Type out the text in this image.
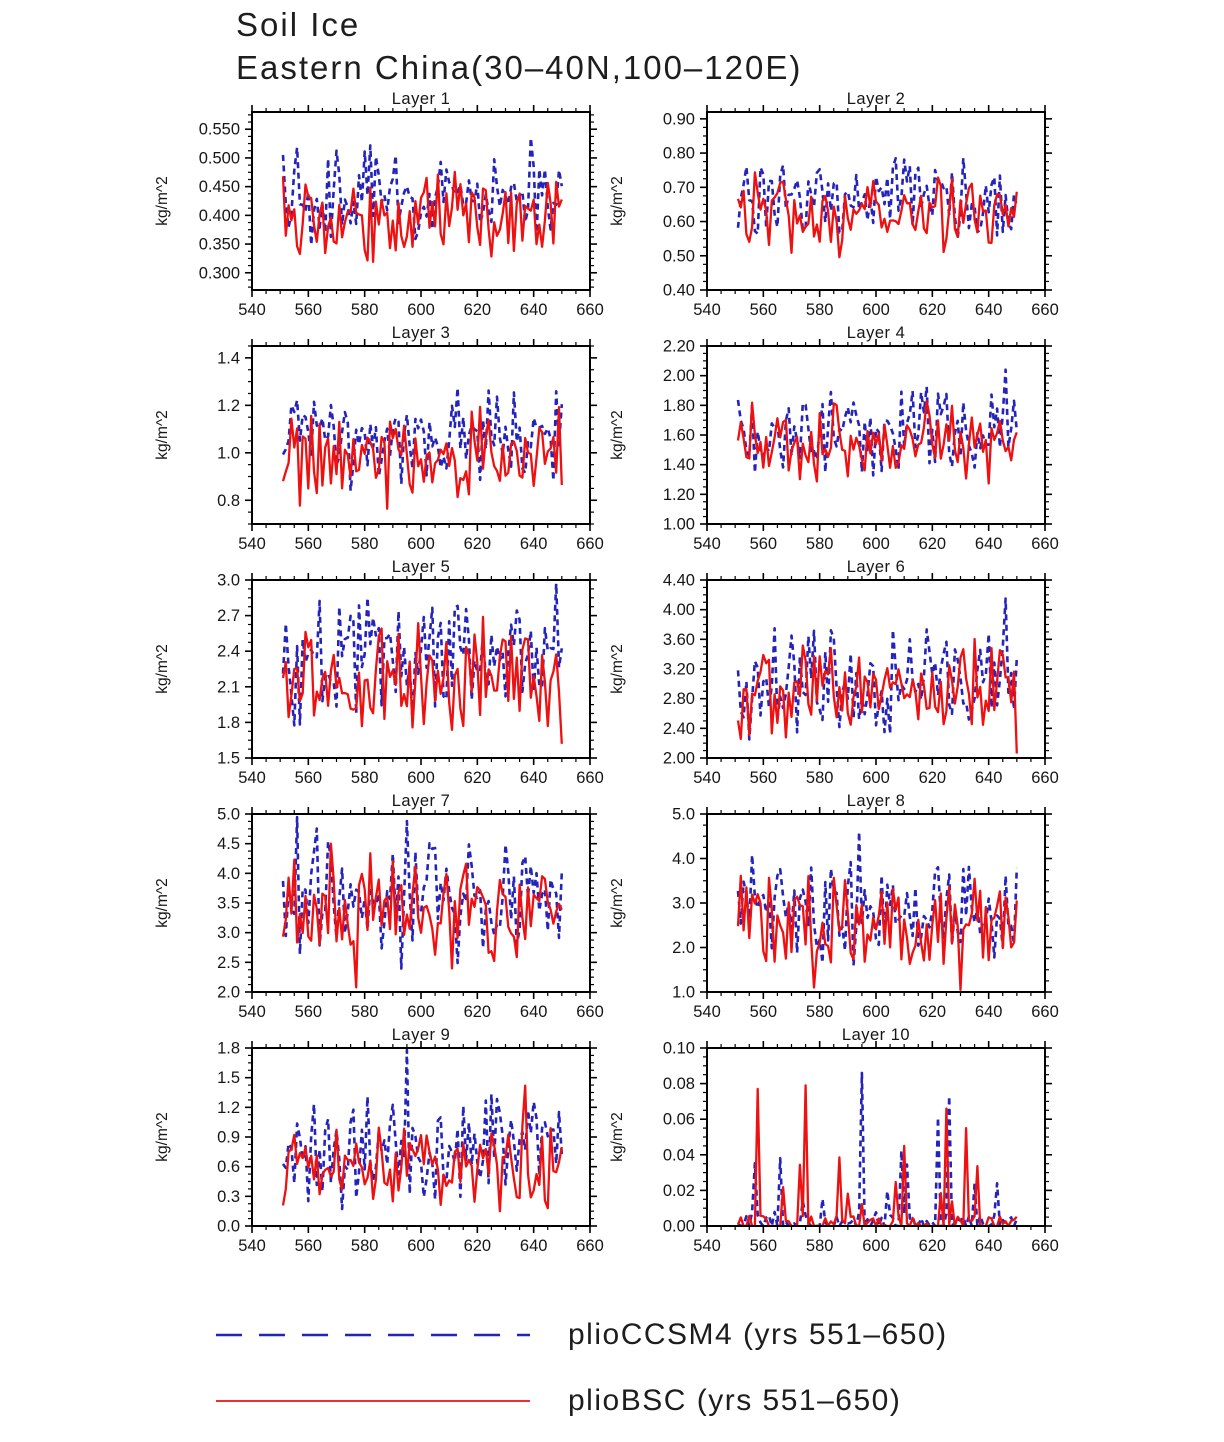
Soil Ice
Eastern China(30–40N,100–120E)
Layer 1
kg/m^2
540 560 580 600 620 640 660
0.300
0.350
0.400
0.450
0.500
0.550
Layer 2
kg/m^2
540 560 580 600 620 640 660
0.40
0.50
0.60
0.70
0.80
0.90
Layer 3
kg/m^2
540 560 580 600 620 640 660
0.8
1.0
1.2
1.4
Layer 4
kg/m^2
540 560 580 600 620 640 660
1.00
1.20
1.40
1.60
1.80
2.00
2.20
Layer 5
kg/m^2
540 560 580 600 620 640 660
1.5
1.8
2.1
2.4
2.7
3.0
Layer 6
kg/m^2
540 560 580 600 620 640 660
2.00
2.40
2.80
3.20
3.60
4.00
4.40
Layer 7
kg/m^2
540 560 580 600 620 640 660
2.0
2.5
3.0
3.5
4.0
4.5
5.0
Layer 8
kg/m^2
540 560 580 600 620 640 660
1.0
2.0
3.0
4.0
5.0
Layer 9
kg/m^2
540 560 580 600 620 640 660
0.0
0.3
0.6
0.9
1.2
1.5
1.8
Layer 10
kg/m^2
540 560 580 600 620 640 660
0.00
0.02
0.04
0.06
0.08
0.10
plioCCSM4 (yrs 551–650)
plioBSC (yrs 551–650)
